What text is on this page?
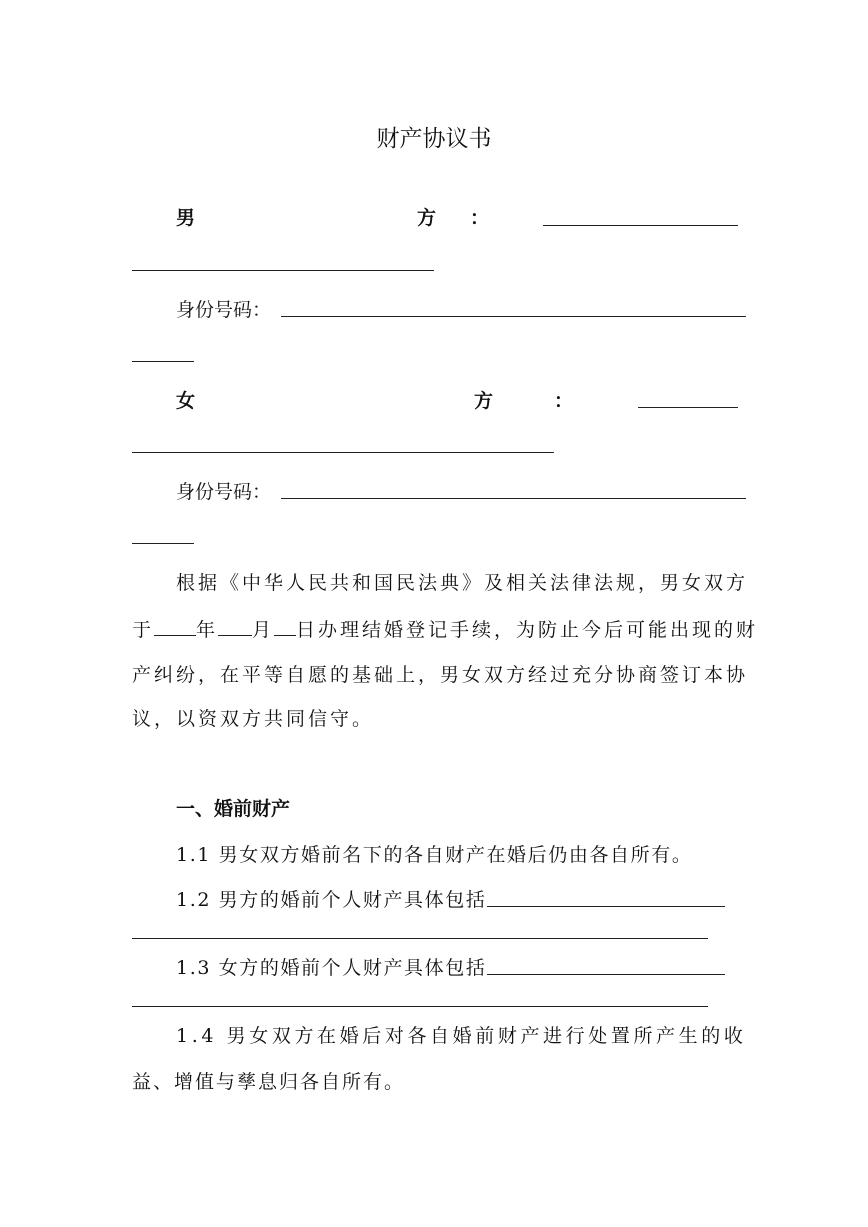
财产协议书
男	方 ：
身份号码：
女	方	：
身份号码：
根据《中华人民共和国民法典》及相关法律法规，男女双方
于 年 月 日办理结婚登记手续，为防止今后可能出现的财
产纠纷，在平等自愿的基础上，男女双方经过充分协商签订本协
议，以资双方共同信守。
一、婚前财产
1.1 男女双方婚前名下的各自财产在婚后仍由各自所有。
1.2 男方的婚前个人财产具体包括
1.3 女方的婚前个人财产具体包括
1.4 男女双方在婚后对各自婚前财产进行处置所产生的收
益、增值与孳息归各自所有。
